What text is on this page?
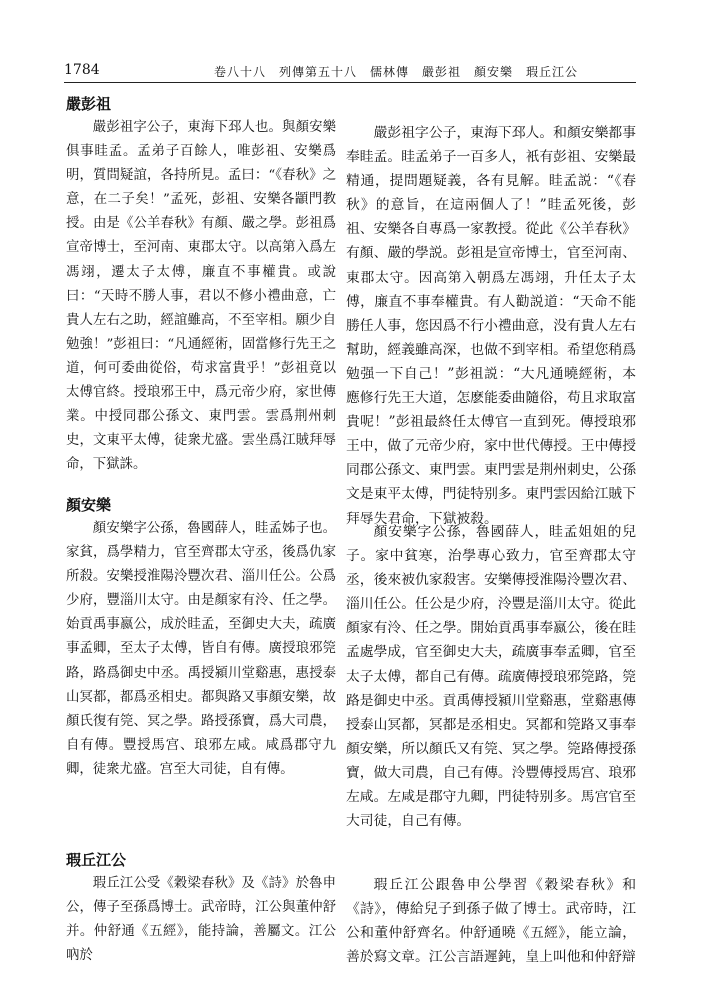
1784	卷八十八　列傳第五十八　儒林傳　嚴彭祖　顏安樂　瑕丘江公
嚴彭祖

嚴彭祖字公子，東海下邳人也。與顏安樂俱事眭孟。孟弟子百餘人，唯彭祖、安樂爲明，質問疑誼，各持所見。孟曰：“《春秋》之意，在二子矣！”孟死，彭祖、安樂各顓門教授。由是《公羊春秋》有顏、嚴之學。彭祖爲宣帝博士，至河南、東郡太守。以高第入爲左馮翊，遷太子太傅，廉直不事權貴。或說曰：“天時不勝人事，君以不修小禮曲意，亡貴人左右之助，經誼雖高，不至宰相。願少自勉強！”彭祖曰：“凡通經術，固當修行先王之道，何可委曲從俗，苟求富貴乎！”彭祖竟以太傅官終。授琅邪王中，爲元帝少府，家世傳業。中授同郡公孫文、東門雲。雲爲荆州刺史，文東平太傅，徒衆尤盛。雲坐爲江賊拜辱命，下獄誅。

嚴彭祖字公子，東海下邳人。和顏安樂都事奉眭孟。眭孟弟子一百多人，衹有彭祖、安樂最精通，提問題疑義，各有見解。眭孟説：“《春秋》的意旨，在這兩個人了！”眭孟死後，彭祖、安樂各自專爲一家教授。從此《公羊春秋》有顏、嚴的學説。彭祖是宣帝博士，官至河南、東郡太守。因高第入朝爲左馮翊，升任太子太傅，廉直不事奉權貴。有人勸説道：“天命不能勝任人事，您因爲不行小禮曲意，没有貴人左右幫助，經義雖高深，也做不到宰相。希望您稍爲勉强一下自己！”彭祖説：“大凡通曉經術，本應修行先王大道，怎麽能委曲隨俗，苟且求取富貴呢！”彭祖最終任太傅官一直到死。傳授琅邪王中，做了元帝少府，家中世代傳授。王中傳授同郡公孫文、東門雲。東門雲是荆州刺史，公孫文是東平太傅，門徒特别多。東門雲因給江賊下拜辱失君命，下獄被殺。

顏安樂

顏安樂字公孫，魯國薛人，眭孟姊子也。家貧，爲學精力，官至齊郡太守丞，後爲仇家所殺。安樂授淮陽泠豐次君、淄川任公。公爲少府，豐淄川太守。由是顏家有泠、任之學。始貢禹事嬴公，成於眭孟，至御史大夫，疏廣事孟卿，至太子太傅，皆自有傳。廣授琅邪筦路，路爲御史中丞。禹授潁川堂谿惠，惠授泰山冥都，都爲丞相史。都與路又事顏安樂，故顏氏復有筦、冥之學。路授孫寶，爲大司農，自有傳。豐授馬宫、琅邪左咸。咸爲郡守九卿，徒衆尤盛。宫至大司徒，自有傳。

顏安樂字公孫，魯國薛人，眭孟姐姐的兒子。家中貧寒，治學專心致力，官至齊郡太守丞，後來被仇家殺害。安樂傳授淮陽泠豐次君、淄川任公。任公是少府，泠豐是淄川太守。從此顏家有泠、任之學。開始貢禹事奉嬴公，後在眭孟處學成，官至御史大夫，疏廣事奉孟卿，官至太子太傅，都自己有傳。疏廣傳授琅邪筦路，筦路是御史中丞。貢禹傳授潁川堂谿惠，堂谿惠傳授泰山冥都，冥都是丞相史。冥都和筦路又事奉顏安樂，所以顏氏又有筦、冥之學。筦路傳授孫寶，做大司農，自己有傳。泠豐傳授馬宫、琅邪左咸。左咸是郡守九卿，門徒特别多。馬宫官至大司徒，自己有傳。

瑕丘江公

瑕丘江公受《穀梁春秋》及《詩》於魯申公，傳子至孫爲博士。武帝時，江公與董仲舒并。仲舒通《五經》，能持論，善屬文。江公吶於

瑕丘江公跟魯申公學習《穀梁春秋》和《詩》，傳給兒子到孫子做了博士。武帝時，江公和董仲舒齊名。仲舒通曉《五經》，能立論，善於寫文章。江公言語遲鈍，皇上叫他和仲舒辯
